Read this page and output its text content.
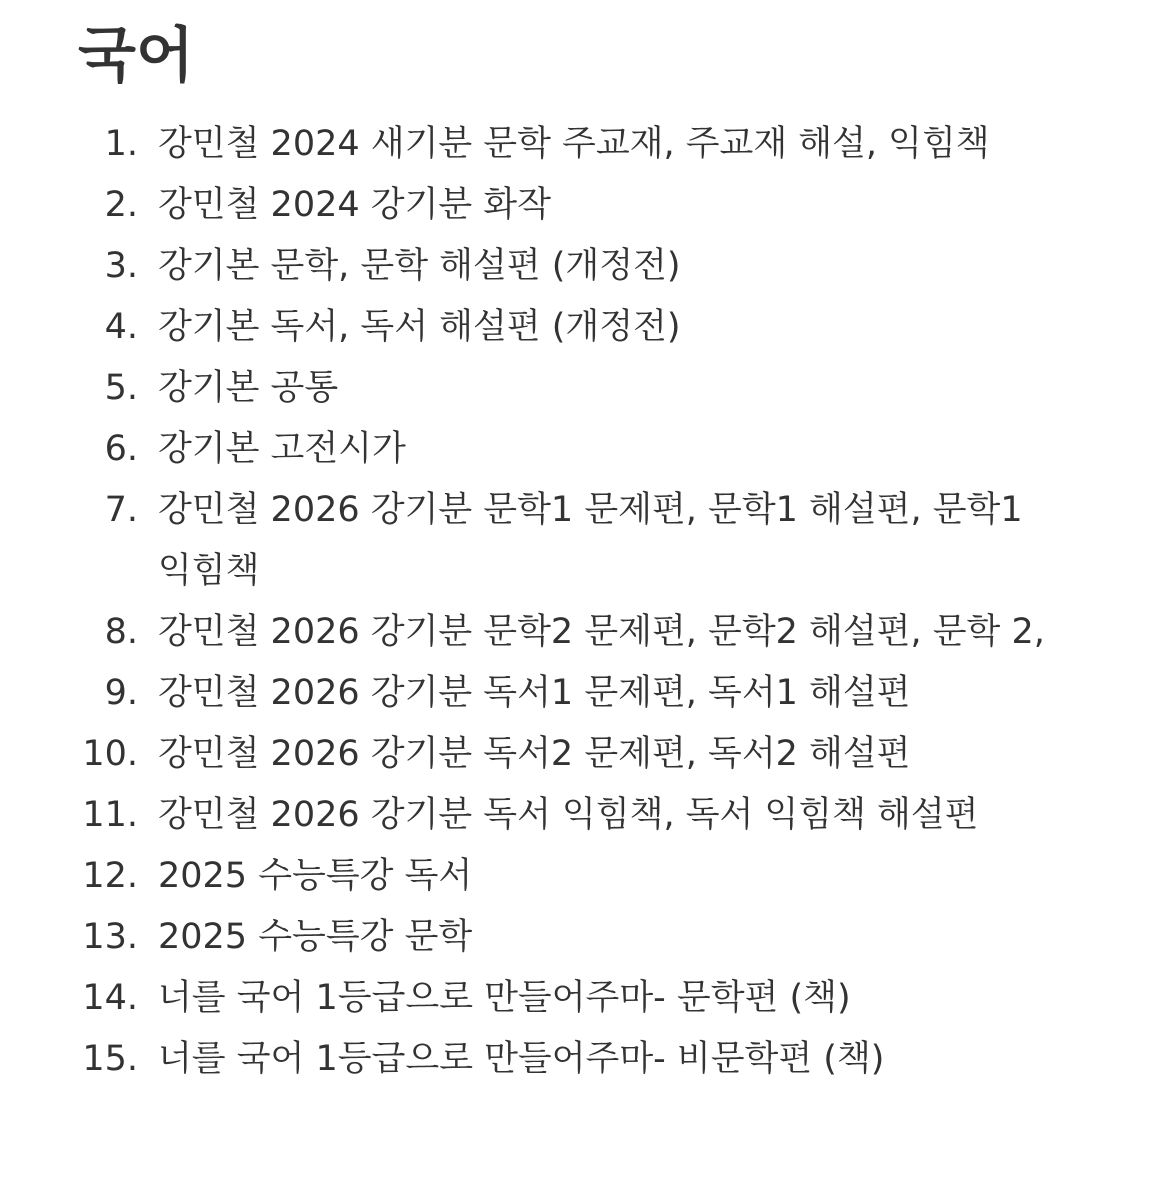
국어
1. 강민철 2024 새기분 문학 주교재, 주교재 해설, 익힘책
2. 강민철 2024 강기분 화작
3. 강기본 문학, 문학 해설편 (개정전)
4. 강기본 독서, 독서 해설편 (개정전)
5. 강기본 공통
6. 강기본 고전시가
7. 강민철 2026 강기분 문학1 문제편, 문학1 해설편, 문학1 익힘책
8. 강민철 2026 강기분 문학2 문제편, 문학2 해설편, 문학 2,
9. 강민철 2026 강기분 독서1 문제편, 독서1 해설편
10. 강민철 2026 강기분 독서2 문제편, 독서2 해설편
11. 강민철 2026 강기분 독서 익힘책, 독서 익힘책 해설편
12. 2025 수능특강 독서
13. 2025 수능특강 문학
14. 너를 국어 1등급으로 만들어주마- 문학편 (책)
15. 너를 국어 1등급으로 만들어주마- 비문학편 (책)
